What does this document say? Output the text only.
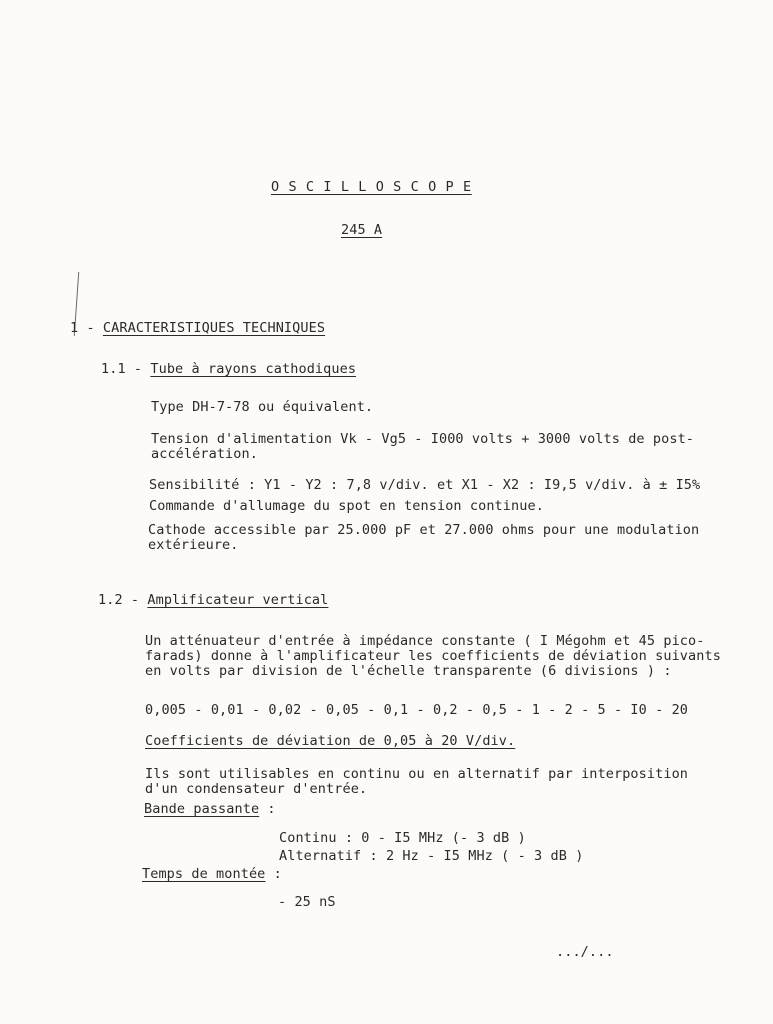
O S C I L L O S C O P E
245 A
1 - CARACTERISTIQUES TECHNIQUES
1.1 - Tube à rayons cathodiques
Type DH-7-78 ou équivalent.
Tension d'alimentation Vk - Vg5 - I000 volts + 3000 volts de post-
accélération.
Sensibilité : Y1 - Y2 : 7,8 v/div. et X1 - X2 : I9,5 v/div. à ± I5%
Commande d'allumage du spot en tension continue.
Cathode accessible par 25.000 pF et 27.000 ohms pour une modulation
extérieure.
1.2 - Amplificateur vertical
Un atténuateur d'entrée à impédance constante ( I Mégohm et 45 pico-
farads) donne à l'amplificateur les coefficients de déviation suivants
en volts par division de l'échelle transparente (6 divisions ) :
0,005 - 0,01 - 0,02 - 0,05 - 0,1 - 0,2 - 0,5 - 1 - 2 - 5 - I0 - 20
Coefficients de déviation de 0,05 à 20 V/div.
Ils sont utilisables en continu ou en alternatif par interposition
d'un condensateur d'entrée.
Bande passante :
Continu : 0 - I5 MHz (- 3 dB )
Alternatif : 2 Hz - I5 MHz ( - 3 dB )
Temps de montée :
- 25 nS
.../...
